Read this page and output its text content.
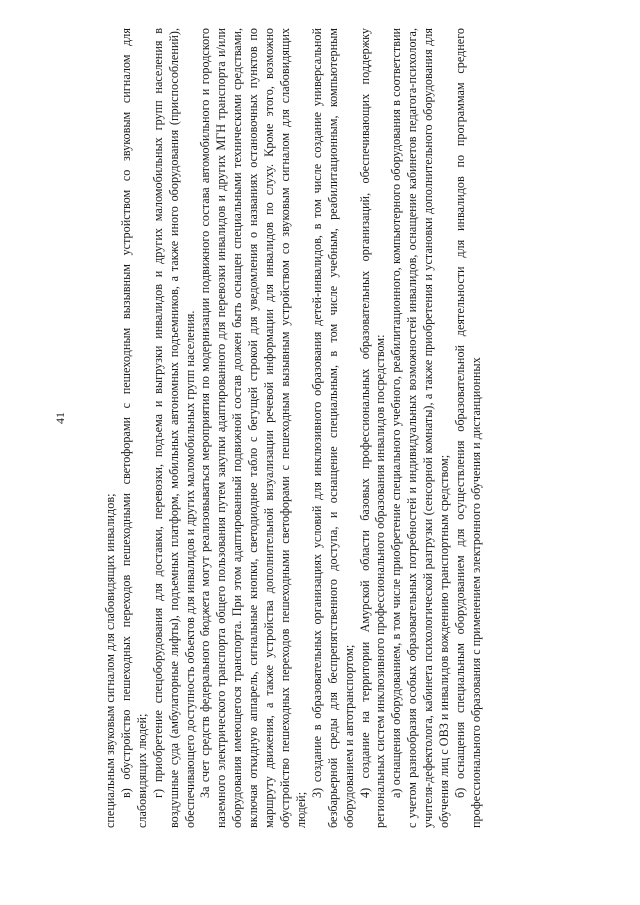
41

специальным звуковым сигналом для слабовидящих инвалидов; в) обустройство пешеходных переходов пешеходными светофорами с пешеходным вызывным устройством со звуковым сигналом для слабовидящих людей; г) приобретение спецоборудования для доставки, перевозки, подъема и выгрузки инвалидов и других маломобильных групп населения в воздушные суда (амбулаторные лифты), подъемных платформ, мобильных автономных подъемников, а также иного оборудования (приспособлений), обеспечивающего доступность объектов для инвалидов и других маломобильных групп населения. За счет средств федерального бюджета могут реализовываться мероприятия по модернизации подвижного состава автомобильного и городского наземного электрического транспорта общего пользования путем закупки адаптированного для перевозки инвалидов и других МГН транспорта и/или оборудования имеющегося транспорта. При этом адаптированный подвижной состав должен быть оснащен специальными техническими средствами, включая откидную аппарель, сигнальные кнопки, светодиодное табло с бегущей строкой для уведомления о названиях остановочных пунктов по маршруту движения, а также устройства дополнительной визуализации речевой информации для инвалидов по слуху. Кроме этого, возможно обустройство пешеходных переходов пешеходными светофорами с пешеходным вызывным устройством со звуковым сигналом для слабовидящих людей;

3) создание в образовательных организациях условий для инклюзивного образования детей-инвалидов, в том числе создание универсальной безбарьерной среды для беспрепятственного доступа, и оснащение специальным, в том числе учебным, реабилитационным, компьютерным оборудованием и автотранспортом; 4) создание на территории Амурской области базовых профессиональных образовательных организаций, обеспечивающих поддержку региональных систем инклюзивного профессионального образования инвалидов посредством: а) оснащения оборудованием, в том числе приобретение специального учебного, реабилитационного, компьютерного оборудования в соответствии с учетом разнообразия особых образовательных потребностей и индивидуальных возможностей инвалидов, оснащение кабинетов педагога-психолога, учителя-дефектолога, кабинета психологической разгрузки (сенсорной комнаты), а также приобретения и установки дополнительного оборудования для обучения лиц с ОВЗ и инвалидов вожденнию транспортным средством; б) оснащения специальным оборудованием для осуществления образовательной деятельности для инвалидов по программам среднего профессионального образования с применением электронного обучения и дистанционных
